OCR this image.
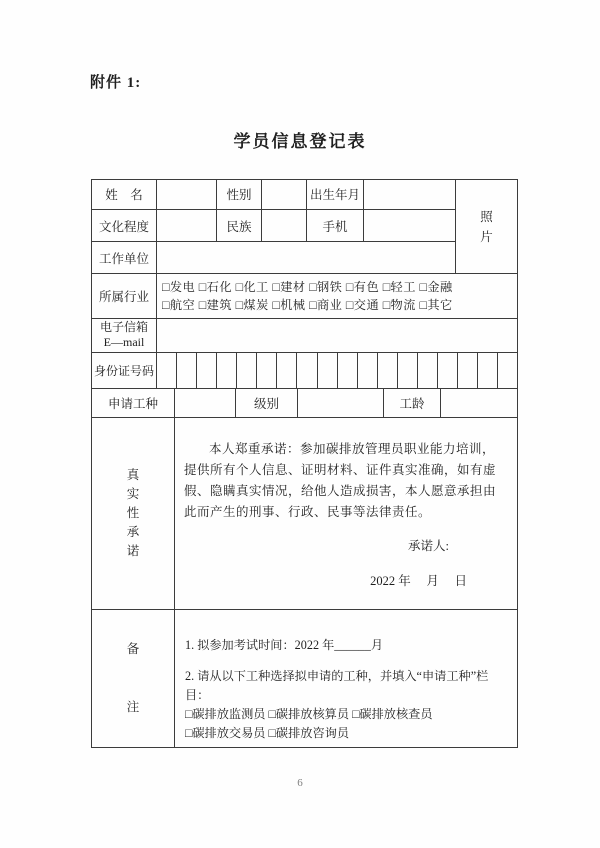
附件 1:
学员信息登记表
姓　名	性别	出生年月
文化程度	民族	手机
工作单位
照片
所属行业
□发电 □石化 □化工 □建材 □钢铁 □有色 □轻工 □金融
□航空 □建筑 □煤炭 □机械 □商业 □交通 □物流 □其它
电子信箱
E—mail
身份证号码
申请工种	级别	工龄
真实性承诺
本人郑重承诺：参加碳排放管理员职业能力培训，提供所有个人信息、证明材料、证件真实准确，如有虚假、隐瞒真实情况，给他人造成损害，本人愿意承担由此而产生的刑事、行政、民事等法律责任。
承诺人:
2022 年　 月　 日
备注
1. 拟参加考试时间：2022 年______月
2. 请从以下工种选择拟申请的工种，并填入“申请工种”栏目：
□碳排放监测员 □碳排放核算员 □碳排放核查员
□碳排放交易员 □碳排放咨询员
6
